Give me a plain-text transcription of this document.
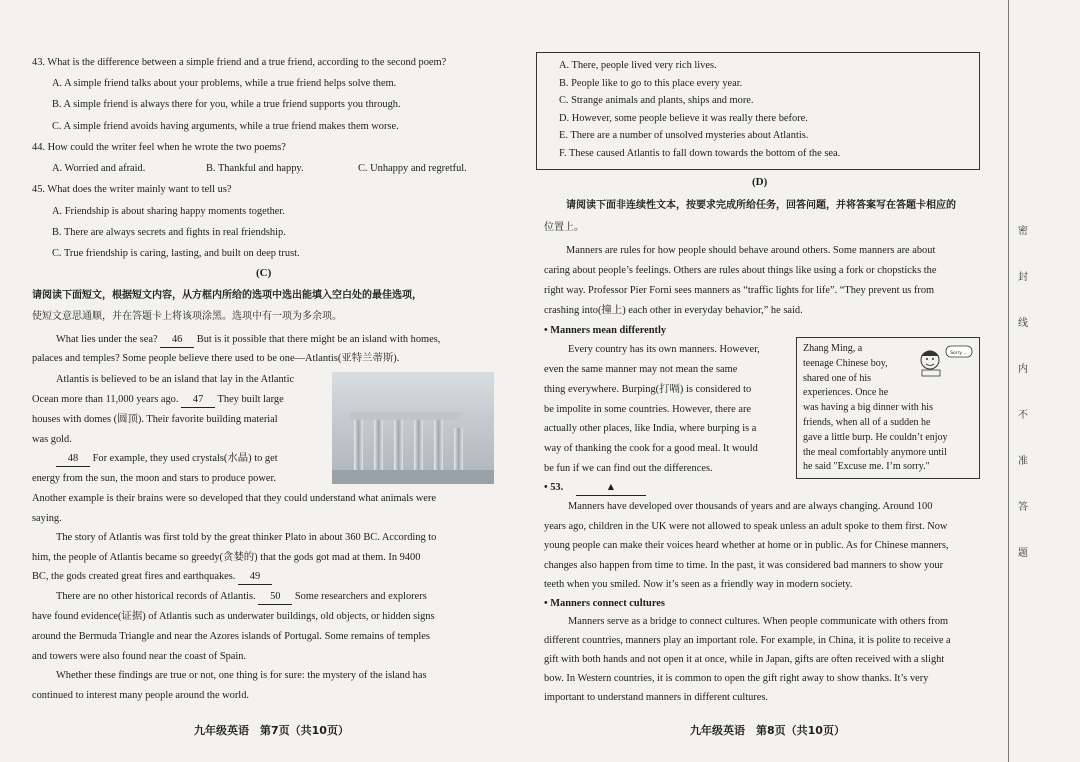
43. What is the difference between a simple friend and a true friend, according to the second poem?
A. A simple friend talks about your problems, while a true friend helps solve them.
B. A simple friend is always there for you, while a true friend supports you through.
C. A simple friend avoids having arguments, while a true friend makes them worse.
44. How could the writer feel when he wrote the two poems?
45. What does the writer mainly want to tell us?
A. Friendship is about sharing happy moments together.
B. There are always secrets and fights in real friendship.
C. True friendship is caring, lasting, and built on deep trust.
A. Worried and afraid.	B. Thankful and happy.	C. Unhappy and regretful.
(C)
请阅读下面短文，根据短文内容，从方框内所给的选项中选出能填入空白处的最佳选项，
使短文意思通顺，并在答题卡上将该项涂黑。选项中有一项为多余项。
What lies under the sea? 46 But is it possible that there might be an island with homes,
palaces and temples? Some people believe there used to be one—Atlantis(亚特兰蒂斯).
Atlantis is believed to be an island that lay in the Atlantic
Ocean more than 11,000 years ago. 47 They built large
houses with domes (圆顶). Their favorite building material
was gold.
48 For example, they used crystals(水晶) to get
energy from the sun, the moon and stars to produce power.
Another example is their brains were so developed that they could understand what animals were
saying.
The story of Atlantis was first told by the great thinker Plato in about 360 BC. According to
him, the people of Atlantis became so greedy(贪婪的) that the gods got mad at them. In 9400
BC, the gods created great fires and earthquakes. 49
There are no other historical records of Atlantis. 50 Some researchers and explorers
have found evidence(证据) of Atlantis such as underwater buildings, old objects, or hidden signs
around the Bermuda Triangle and near the Azores islands of Portugal. Some remains of temples
and towers were also found near the coast of Spain.
Whether these findings are true or not, one thing is for sure: the mystery of the island has
continued to interest many people around the world.
九年级英语　第7页（共10页）
A. There, people lived very rich lives.
B. People like to go to this place every year.
C. Strange animals and plants, ships and more.
D. However, some people believe it was really there before.
E. There are a number of unsolved mysteries about Atlantis.
F. These caused Atlantis to fall down towards the bottom of the sea.
(D)
请阅读下面非连续性文本，按要求完成所给任务，回答问题，并将答案写在答题卡相应的
位置上。
Manners are rules for how people should behave around others. Some manners are about
caring about people’s feelings. Others are rules about things like using a fork or chopsticks the
right way. Professor Pier Forni sees manners as “traffic lights for life”. “They prevent us from
crashing into(撞上) each other in everyday behavior,” he said.
• Manners mean differently
Every country has its own manners. However,
even the same manner may not mean the same
thing everywhere. Burping(打嗝) is considered to
be impolite in some countries. However, there are
actually other places, like India, where burping is a
way of thanking the cook for a good meal. It would
be fun if we can find out the differences.
Zhang Ming, a
teenage Chinese boy,
shared one of his
experiences. Once he
was having a big dinner with his
friends, when all of a sudden he
gave a little burp. He couldn’t enjoy
the meal comfortably anymore until
he said "Excuse me. I’m sorry."
Sorry ...
• 53.	▲
Manners have developed over thousands of years and are always changing. Around 100
years ago, children in the UK were not allowed to speak unless an adult spoke to them first. Now
young people can make their voices heard whether at home or in public. As for Chinese manners,
changes also happen from time to time. In the past, it was considered bad manners to show your
teeth when you smiled. Now it’s seen as a friendly way in modern society.
• Manners connect cultures
Manners serve as a bridge to connect cultures. When people communicate with others from
different countries, manners play an important role. For example, in China, it is polite to receive a
gift with both hands and not open it at once, while in Japan, gifts are often received with a slight
bow. In Western countries, it is common to open the gift right away to show thanks. It’s very
important to understand manners in different cultures.
九年级英语　第8页（共10页）
密
封
线
内
不
准
答
题
